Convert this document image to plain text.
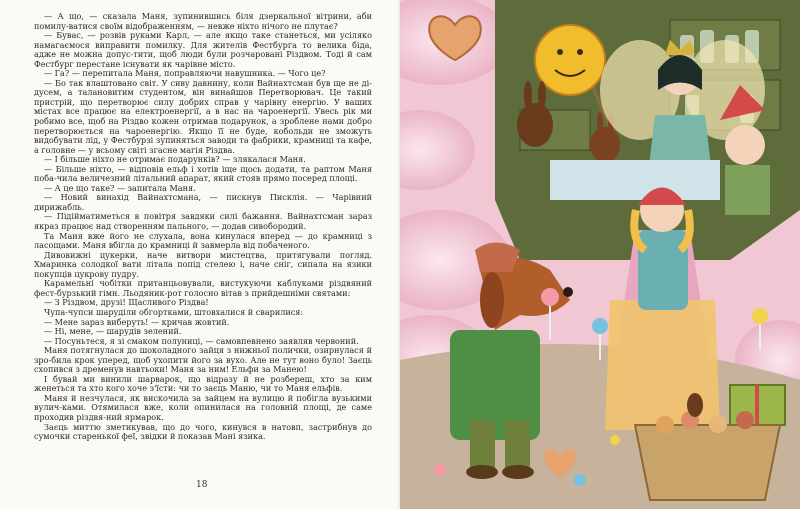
— А що, — сказала Маня, зупинившись біля дзеркальної вітрини, аби помилу-ватися своїм відображенням, — невже ніхто нічого не плутає?

— Бувас, — розвів руками Карл, — але якщо таке станеться, ми усіляко намагаємося виправити помилку. Для жителів Фестбурга то велика біда, адже не можна допус-тити, щоб люди були розчаровані Різдвом. Тоді й сам Фестбург перестане існувати як чарівне місто.

— Га? — перепитала Маня, поправляючи навушника. — Чого це?

— Бо так влаштовано світ. У сиву давнину, коли Вайнахтсман був ще не ді-дусем, а талановитим студентом, він винайшов Перетворювач. Це такий пристрій, що перетворює силу добрих справ у чарівну енергію. У ваших містах все працює на електроенергії, а в нас на чароенергії. Увесь рік ми робимо все, щоб на Різдво кожен отримав подарунок, а зроблене нами добро перетворюється на чароенергію. Якщо її не буде, кобольди не зможуть видобувати лід, у Фестбурзі зупиняться заводи та фабрики, крамниці та кафе, а головне — у всьому світі згасне магія Різдва.

— І більше ніхто не отримає подарунків? — злякалася Маня.

— Більше ніхто, — відповів ельф і хотів іще щось додати, та раптом Маня поба-чила величезний літальний апарат, який стояв прямо посеред площі.

— А це що таке? — запитала Маня.

— Новий винахід Вайнахтсмана, — пискнув Писклія. — Чарівний дирижабль.

— Підійматиметься в повітря завдяки силі бажання. Вайнахтсман зараз якраз працює над створенням пального, — додав сивобородий.

Та Маня вже його не слухала, вона кинулася вперед — до крамниці з ласощами. Маня вбігла до крамниці й завмерла від побаченого.

Дивовижні цукерки, наче витвори мистецтва, притягували погляд. Хмаринка солодкої вати літала попід стелею і, наче сніг, сипала на язики покупців цукрову пудру.

Карамельні чобітки пританцьовували, вистукуючи каблуками різдвяний фест-бурзький гімн. Льодяник-рот голосно вітав з прийдешніми святами:

— З Різдвом, друзі! Щасливого Різдва!

Чупа-чупси шаруділи обгортками, штовхалися й сварилися:

— Мене зараз виберуть! — кричав жовтий.

— Ні, мене, — шарудів зелений.

— Посуньтеся, я зі смаком полуниці, — самовпевнено заявляв червоний.

Маня потягнулася до шоколадного зайця з нижньої полички, озирнулася й зро-била крок уперед, щоб ухопити його за вухо. Але не тут воно було! Заєць схопився з дременув навтьоки! Маня за ним! Ельфи за Манею!

І бувай ми винили шарварок, що відразу й не розбереш, хто за ким женеться та хто кого хоче з'їсти: чи то заєць Маню, чи то Маня ельфів.

Маня й незчулася, як вискочила за зайцем на вулицю й побігла вузькими вулич-ками. Отямилася вже, коли опинилася на головній площі, де саме проходив різдвя-ний ярмарок.

Заєць миттю зметикував, що до чого, кинувся в натовп, застрибнув до сумочки старенької феї, звідки й показав Мані язика.

18
